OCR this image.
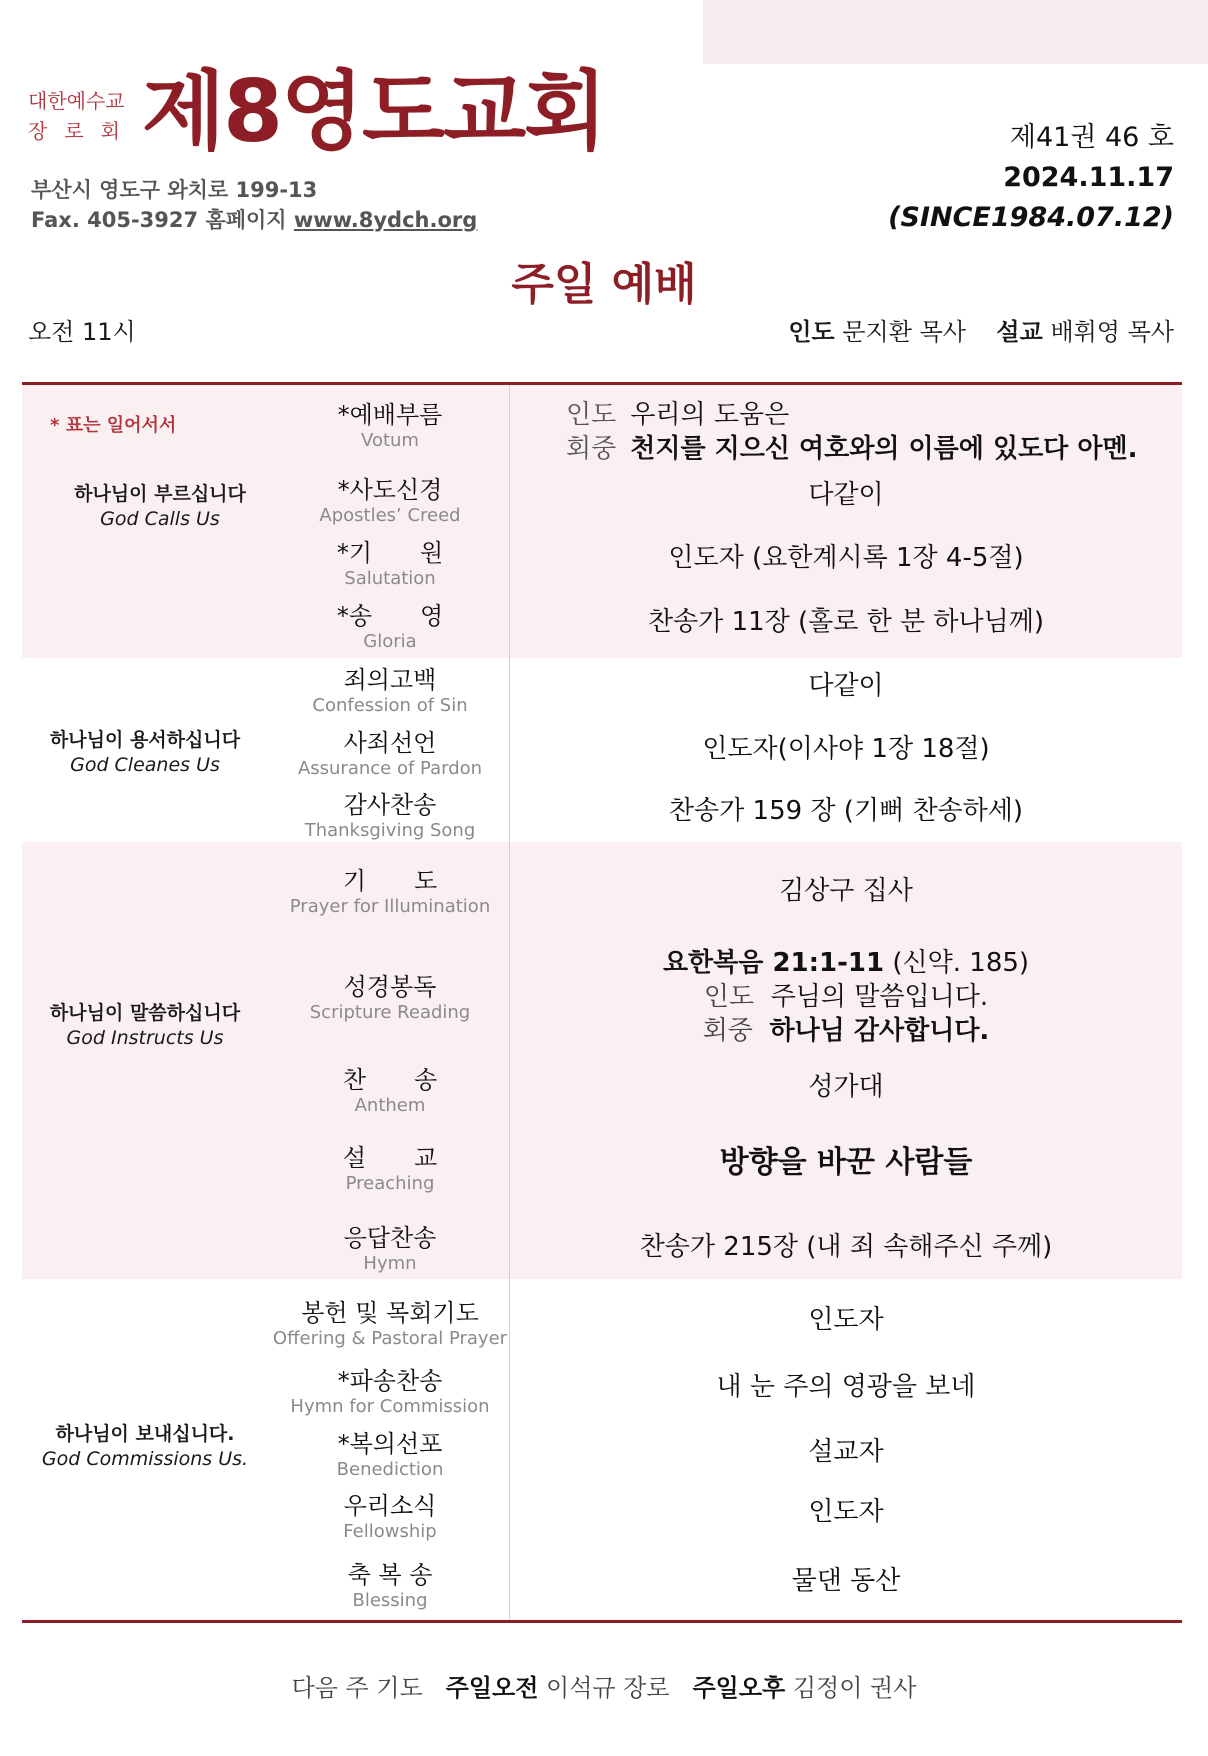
대한예수교
장로회 제8영도교회
부산시 영도구 와치로 199-13
Fax. 405-3927 홈페이지 www.8ydch.org
제41권 46 호
2024.11.17
(SINCE1984.07.12)
주일 예배
오전 11시	인도 문지환 목사 설교 배휘영 목사
* 표는 일어서서
하나님이 부르십니다
God Calls Us
하나님이 용서하십니다
God Cleanes Us
하나님이 말씀하십니다
God Instructs Us
하나님이 보내십니다.
God Commissions Us.
*예배부름
Votum
*사도신경
Apostles’ Creed
*기　　원
Salutation
*송　　영
Gloria
죄의고백
Confession of Sin
사죄선언
Assurance of Pardon
감사찬송
Thanksgiving Song
기　　도
Prayer for Illumination
성경봉독
Scripture Reading
찬　　송
Anthem
설　　교
Preaching
응답찬송
Hymn
봉헌 및 목회기도
Offering & Pastoral Prayer
*파송찬송
Hymn for Commission
*복의선포
Benediction
우리소식
Fellowship
축 복 송
Blessing
인도 우리의 도움은
회중 천지를 지으신 여호와의 이름에 있도다 아멘.
다같이
인도자 (요한계시록 1장 4-5절)
찬송가 11장 (홀로 한 분 하나님께)
다같이
인도자(이사야 1장 18절)
찬송가 159 장 (기뻐 찬송하세)
김상구 집사
요한복음 21:1-11 (신약. 185)
인도 주님의 말씀입니다.
회중 하나님 감사합니다.
성가대
방향을 바꾼 사람들
찬송가 215장 (내 죄 속해주신 주께)
인도자
내 눈 주의 영광을 보네
설교자
인도자
물댄 동산
다음 주 기도 주일오전 이석규 장로 주일오후 김정이 권사
